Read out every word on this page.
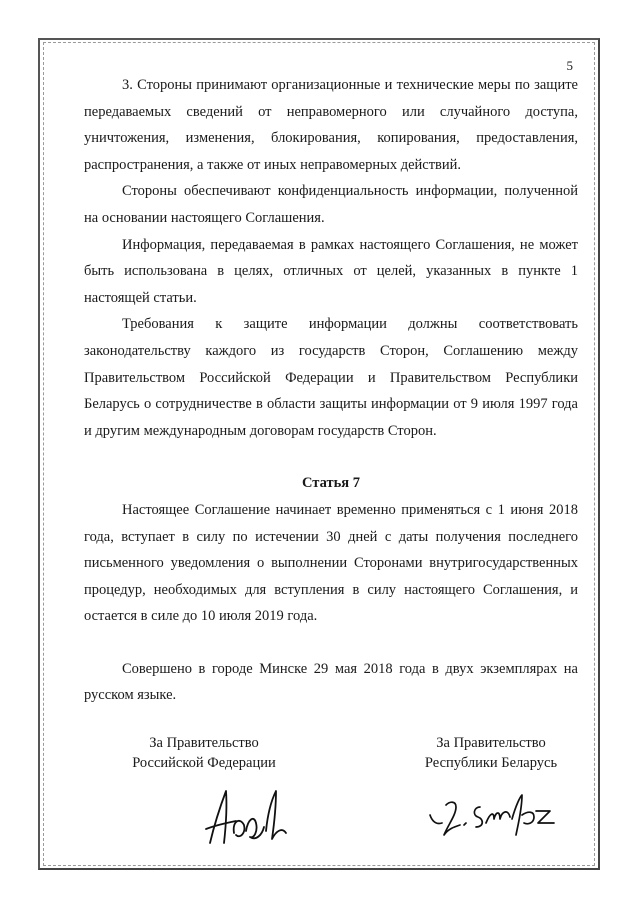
5

3. Стороны принимают организационные и технические меры по защите передаваемых сведений от неправомерного или случайного доступа, уничтожения, изменения, блокирования, копирования, предоставления, распространения, а также от иных неправомерных действий.

Стороны обеспечивают конфиденциальность информации, полученной на основании настоящего Соглашения.

Информация, передаваемая в рамках настоящего Соглашения, не может быть использована в целях, отличных от целей, указанных в пункте 1 настоящей статьи.

Требования к защите информации должны соответствовать законодательству каждого из государств Сторон, Соглашению между Правительством Российской Федерации и Правительством Республики Беларусь о сотрудничестве в области защиты информации от 9 июля 1997 года и другим международным договорам государств Сторон.

Статья 7

Настоящее Соглашение начинает временно применяться с 1 июня 2018 года, вступает в силу по истечении 30 дней с даты получения последнего письменного уведомления о выполнении Сторонами внутригосударственных процедур, необходимых для вступления в силу настоящего Соглашения, и остается в силе до 10 июля 2019 года.

Совершено в городе Минске 29 мая 2018 года в двух экземплярах на русском языке.

За Правительство
Российской Федерации
За Правительство
Республики Беларусь
